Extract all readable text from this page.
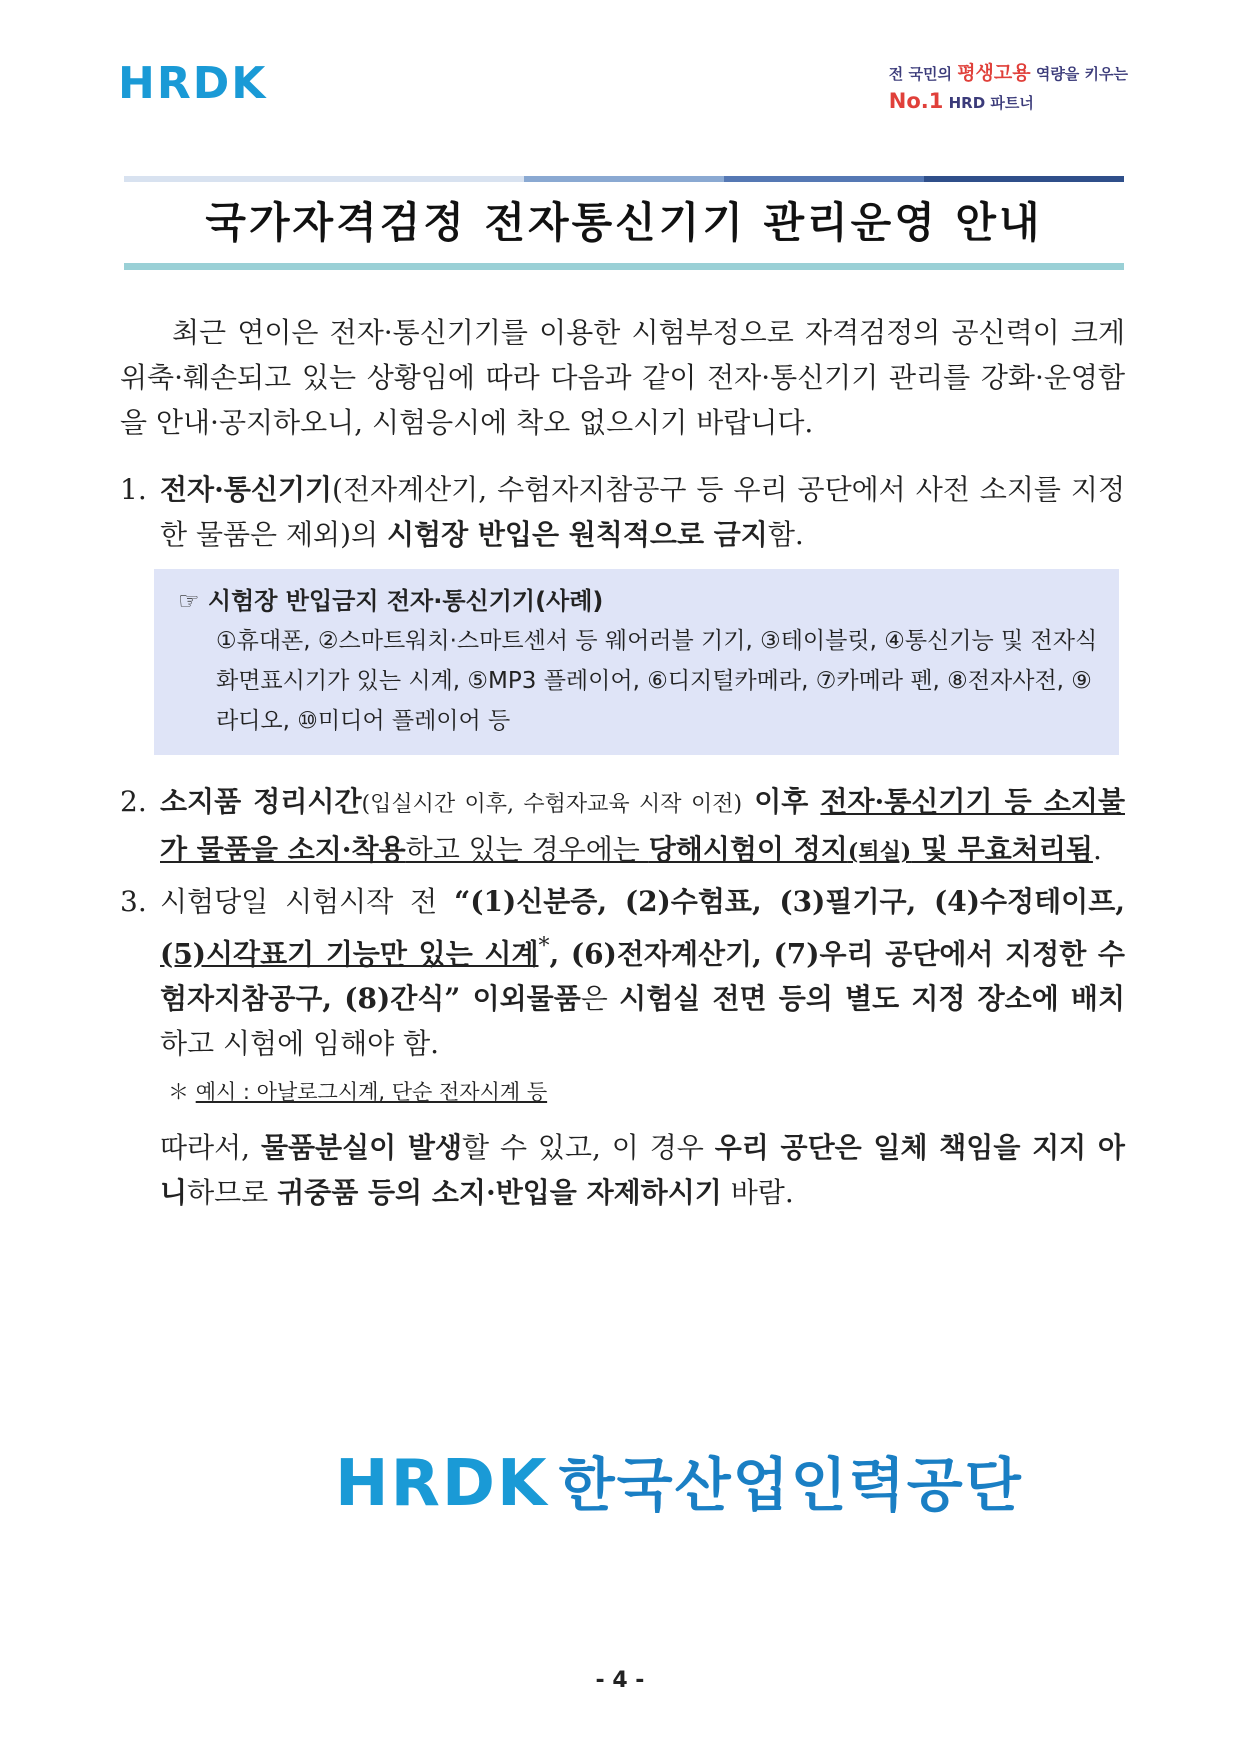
HRDK	전 국민의 평생고용 역량을 키우는
No.1 HRD 파트너
국가자격검정 전자통신기기 관리운영 안내

최근 연이은 전자·통신기기를 이용한 시험부정으로 자격검정의 공신력이 크게 위축·훼손되고 있는 상황임에 따라 다음과 같이 전자·통신기기 관리를 강화·운영함을 안내·공지하오니, 시험응시에 착오 없으시기 바랍니다.

1. 전자·통신기기(전자계산기, 수험자지참공구 등 우리 공단에서 사전 소지를 지정한 물품은 제외)의 시험장 반입은 원칙적으로 금지함.
☞ 시험장 반입금지 전자·통신기기(사례)
①휴대폰, ②스마트워치·스마트센서 등 웨어러블 기기, ③테이블릿, ④통신기능 및 전자식 화면표시기가 있는 시계, ⑤MP3 플레이어, ⑥디지털카메라, ⑦카메라 펜, ⑧전자사전, ⑨라디오, ⑩미디어 플레이어 등
2. 소지품 정리시간(입실시간 이후, 수험자교육 시작 이전) 이후 전자·통신기기 등 소지불가 물품을 소지·착용하고 있는 경우에는 당해시험이 정지(퇴실) 및 무효처리됨.
3. 시험당일 시험시작 전 “(1)신분증, (2)수험표, (3)필기구, (4)수정테이프, (5)시각표기 기능만 있는 시계*, (6)전자계산기, (7)우리 공단에서 지정한 수험자지참공구, (8)간식” 이외물품은 시험실 전면 등의 별도 지정 장소에 배치하고 시험에 임해야 함.
＊ 예시 : 아날로그시계, 단순 전자시계 등
따라서, 물품분실이 발생할 수 있고, 이 경우 우리 공단은 일체 책임을 지지 아니하므로 귀중품 등의 소지·반입을 자제하시기 바람.
HRDK 한국산업인력공단
- 4 -
